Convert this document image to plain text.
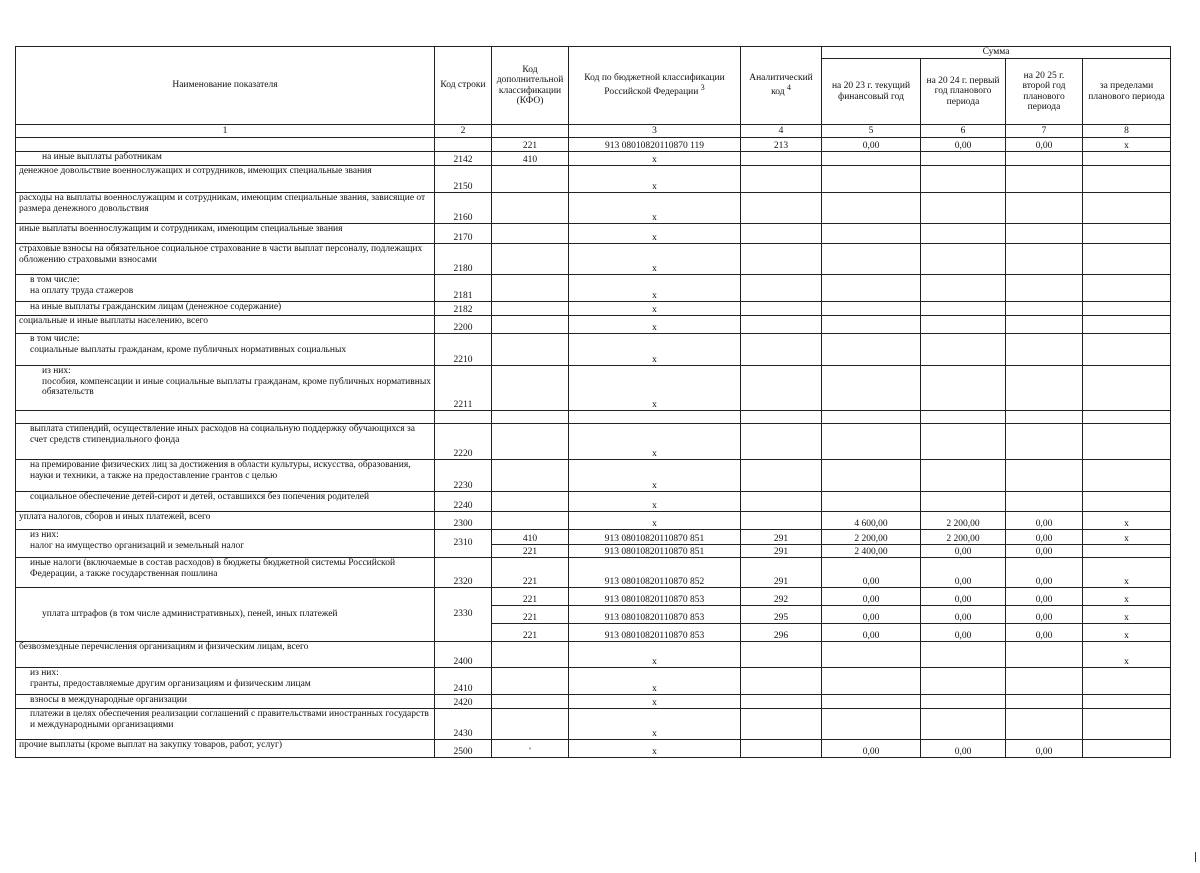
Наименование показателя	Код строки	Код дополнительной классификации (КФО)	Код по бюджетной классификации Российской Федерации $^3$	Аналитический код $^4$	Сумма			
					на 20 23 г. текущий финансовый год	на 20 24 г. первый год планового периода	на 20 25 г. второй год планового периода	за пределами планового периода
1	2		3	4	5	6	7	8
		221	913 08010820110870 119	213	0,00	0,00	0,00	x
на иные выплаты работникам	2142	410	x					
денежное довольствие военнослужащих и сотрудников, имеющих специальные звания	2150		x					
расходы на выплаты военнослужащим и сотрудникам, имеющим специальные звания, зависящие от размера денежного довольствия	2160		x					
иные выплаты военнослужащим и сотрудникам, имеющим специальные звания	2170		x					
страховые взносы на обязательное социальное страхование в части выплат персоналу, подлежащих обложению страховыми взносами	2180		x					
в том числе:
на оплату труда стажеров	2181		x					
на иные выплаты гражданским лицам (денежное содержание)	2182		x					
социальные и иные выплаты населению, всего	2200		x					
в том числе:
социальные выплаты гражданам, кроме публичных нормативных социальных	2210		x					
из них:
пособия, компенсации и иные социальные выплаты гражданам, кроме публичных нормативных обязательств	2211		x					

выплата стипендий, осуществление иных расходов на социальную поддержку обучающихся за счет средств стипендиального фонда	2220		x					
на премирование физических лиц за достижения в области культуры, искусства, образования, науки и техники, а также на предоставление грантов с целью	2230		x					
социальное обеспечение детей-сирот и детей, оставшихся без попечения родителей	2240		x					
уплата налогов, сборов и иных платежей, всего	2300		x		4 600,00	2 200,00	0,00	x
из них:
налог на имущество организаций и земельный налог	2310	410	913 08010820110870 851	291	2 200,00	2 200,00	0,00	x
		221	913 08010820110870 851	291	2 400,00	0,00	0,00	
иные налоги (включаемые в состав расходов) в бюджеты бюджетной системы Российской Федерации, а также государственная пошлина	2320	221	913 08010820110870 852	291	0,00	0,00	0,00	x
уплата штрафов (в том числе административных), пеней, иных платежей	2330	221	913 08010820110870 853	292	0,00	0,00	0,00	x
		221	913 08010820110870 853	295	0,00	0,00	0,00	x
		221	913 08010820110870 853	296	0,00	0,00	0,00	x
безвозмездные перечисления организациям и физическим лицам, всего	2400		x					x
из них:
гранты, предоставляемые другим организациям и физическим лицам	2410		x					
взносы в международные организации	2420		x					
платежи в целях обеспечения реализации соглашений с правительствами иностранных государств и международными организациями	2430		x					
прочие выплаты (кроме выплат на закупку товаров, работ, услуг)	2500	'	x		0,00	0,00	0,00	
